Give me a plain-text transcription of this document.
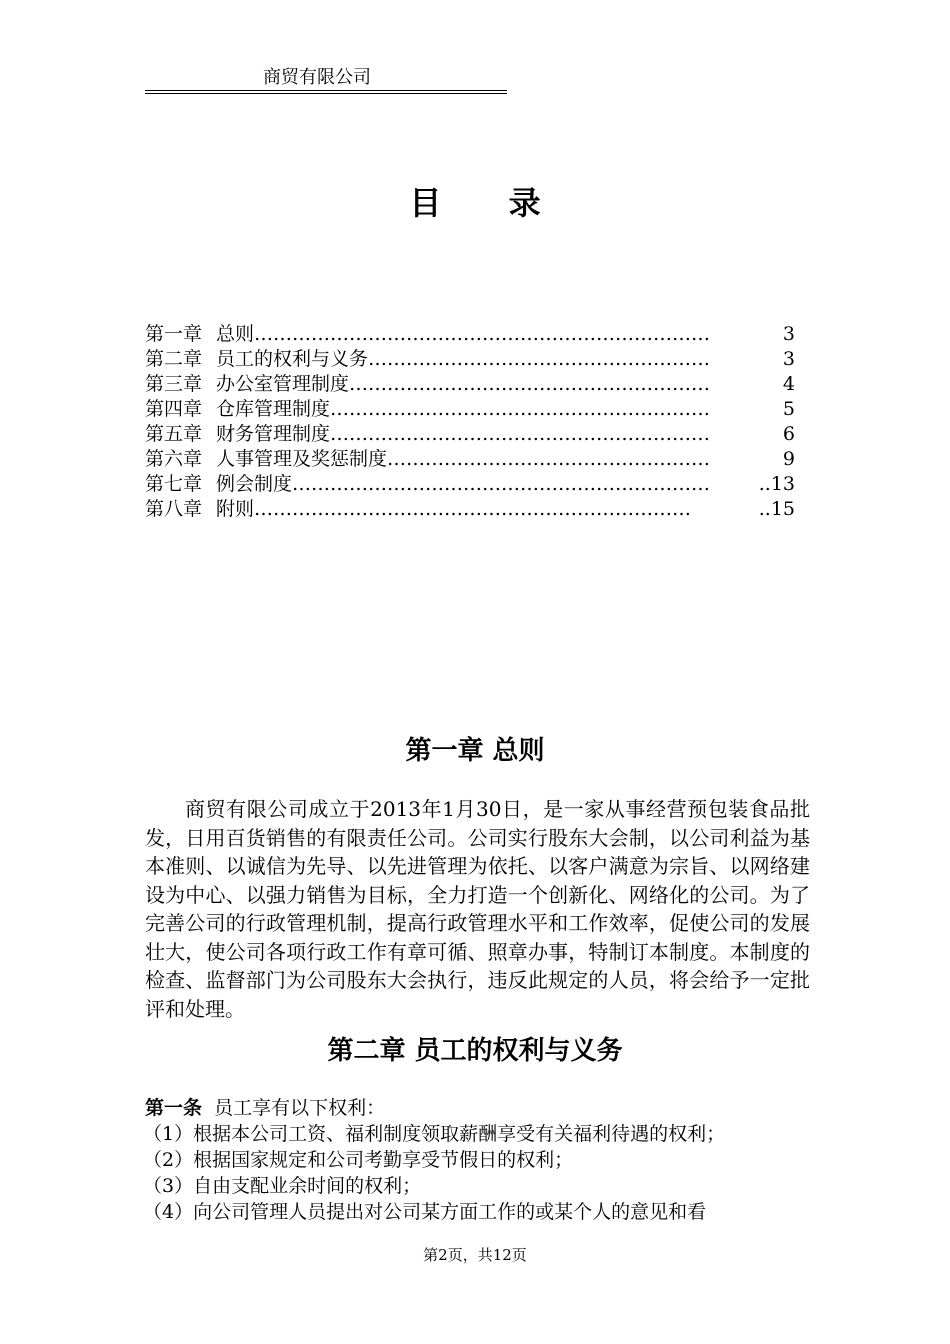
商贸有限公司
目 录
第一章 总则 ………………………………………………………………	3
第二章 员工的权利与义务 ………………………………………………	3
第三章 办公室管理制度 …………………………………………………	4
第四章 仓库管理制度 ……………………………………………………	5
第五章 财务管理制度 ……………………………………………………	6
第六章 人事管理及奖惩制度 ……………………………………………	9
第七章 例会制度 …………………………………………………………	..13
第八章 附则 ……………………………………………………………	..15
第一章 总则
商贸有限公司成立于2013年1月30日，是一家从事经营预包装食品批发，日用百货销售的有限责任公司。公司实行股东大会制，以公司利益为基本准则、以诚信为先导、以先进管理为依托、以客户满意为宗旨、以网络建设为中心、以强力销售为目标，全力打造一个创新化、网络化的公司。为了完善公司的行政管理机制，提高行政管理水平和工作效率，促使公司的发展壮大，使公司各项行政工作有章可循、照章办事，特制订本制度。本制度的检查、监督部门为公司股东大会执行，违反此规定的人员，将会给予一定批评和处理。
第二章 员工的权利与义务
第一条 员工享有以下权利：
（1）根据本公司工资、福利制度领取薪酬享受有关福利待遇的权利；
（2）根据国家规定和公司考勤享受节假日的权利；
（3）自由支配业余时间的权利；
（4）向公司管理人员提出对公司某方面工作的或某个人的意见和看
第2页，共12页
